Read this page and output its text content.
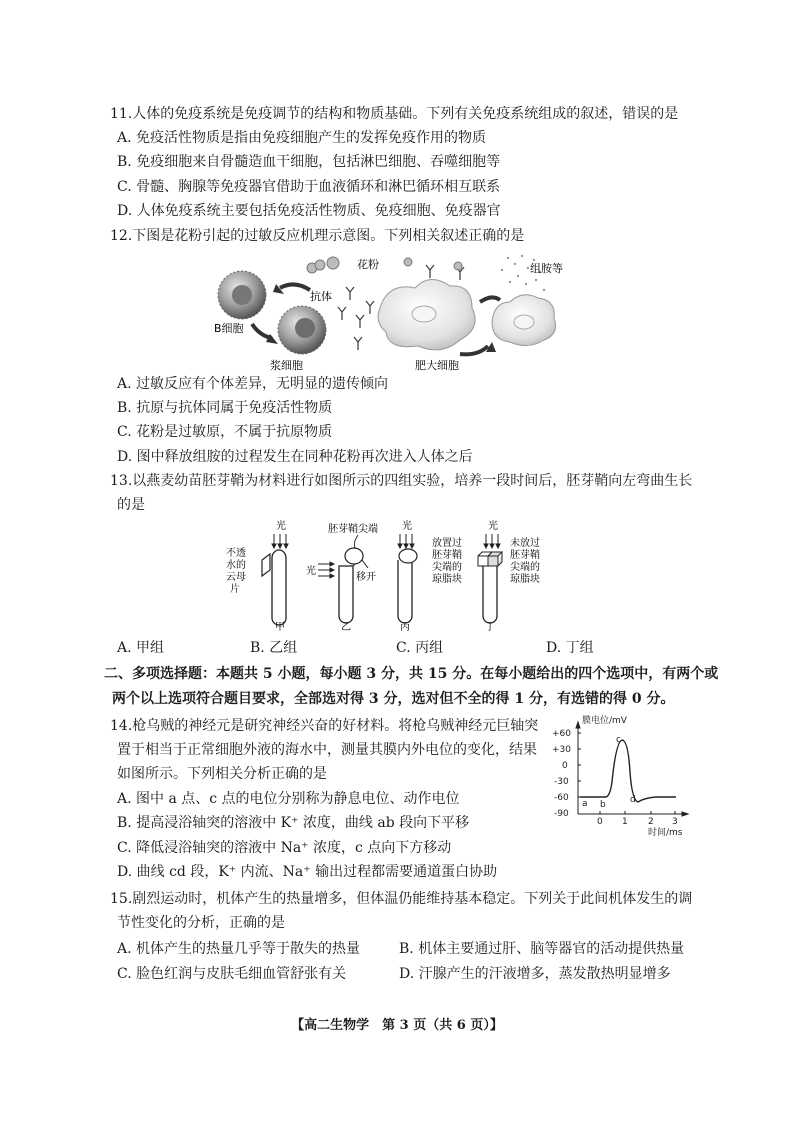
11.人体的免疫系统是免疫调节的结构和物质基础。下列有关免疫系统组成的叙述，错误的是
A. 免疫活性物质是指由免疫细胞产生的发挥免疫作用的物质
B. 免疫细胞来自骨髓造血干细胞，包括淋巴细胞、吞噬细胞等
C. 骨髓、胸腺等免疫器官借助于血液循环和淋巴循环相互联系
D. 人体免疫系统主要包括免疫活性物质、免疫细胞、免疫器官
12.下图是花粉引起的过敏反应机理示意图。下列相关叙述正确的是
B细胞
浆细胞
抗体
花粉
肥大细胞
组胺等
A. 过敏反应有个体差异，无明显的遗传倾向
B. 抗原与抗体同属于免疫活性物质
C. 花粉是过敏原，不属于抗原物质
D. 图中释放组胺的过程发生在同种花粉再次进入人体之后
13.以燕麦幼苗胚芽鞘为材料进行如图所示的四组实验，培养一段时间后，胚芽鞘向左弯曲生长
的是
光
不透
水的
云母
片
甲
胚芽鞘尖端
光
移开
乙
光
丙
放置过
胚芽鞘
尖端的
琼脂块
光
未放过
胚芽鞘
尖端的
琼脂块
丁
A. 甲组	B. 乙组	C. 丙组	D. 丁组
二、多项选择题：本题共 5 小题，每小题 3 分，共 15 分。在每小题给出的四个选项中，有两个或
两个以上选项符合题目要求，全部选对得 3 分，选对但不全的得 1 分，有选错的得 0 分。
14.枪乌贼的神经元是研究神经兴奋的好材料。将枪乌贼神经元巨轴突
置于相当于正常细胞外液的海水中，测量其膜内外电位的变化，结果
如图所示。下列相关分析正确的是
A. 图中 a 点、c 点的电位分别称为静息电位、动作电位
B. 提高浸浴轴突的溶液中 K⁺ 浓度，曲线 ab 段向下平移
C. 降低浸浴轴突的溶液中 Na⁺ 浓度，c 点向下方移动
D. 曲线 cd 段，K⁺ 内流、Na⁺ 输出过程都需要通道蛋白协助
膜电位/mV
+60
+30
0
-30
-60
-90
0 1 2 3
时间/ms
a b
c
d
15.剧烈运动时，机体产生的热量增多，但体温仍能维持基本稳定。下列关于此间机体发生的调
节性变化的分析，正确的是
A. 机体产生的热量几乎等于散失的热量	B. 机体主要通过肝、脑等器官的活动提供热量
C. 脸色红润与皮肤毛细血管舒张有关	D. 汗腺产生的汗液增多，蒸发散热明显增多
【高二生物学　第 3 页（共 6 页）】
